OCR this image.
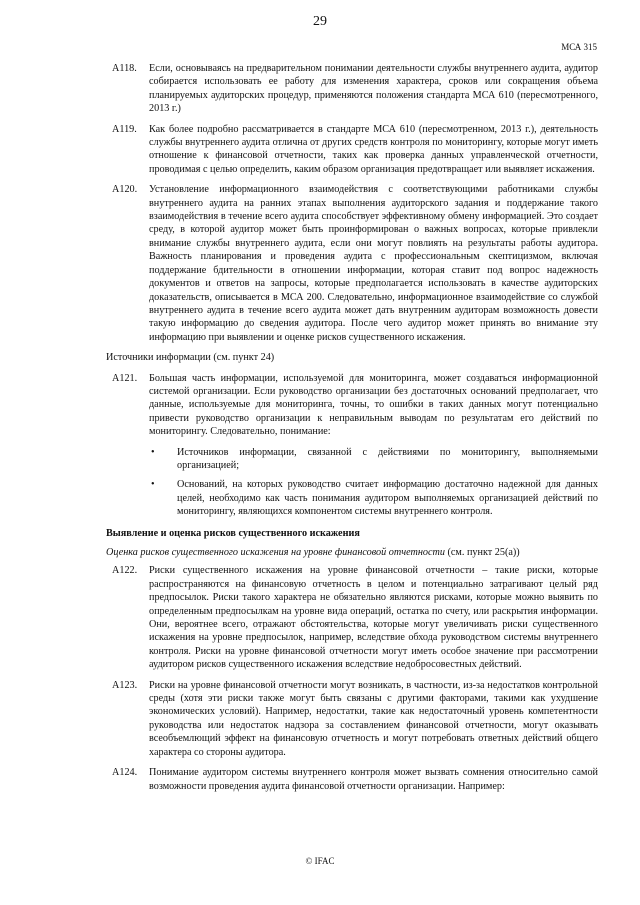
29
МСА 315
A118. Если, основываясь на предварительном понимании деятельности службы внутреннего аудита, аудитор собирается использовать ее работу для изменения характера, сроков или сокращения объема планируемых аудиторских процедур, применяются положения стандарта МСА 610 (пересмотренного, 2013 г.)
A119. Как более подробно рассматривается в стандарте МСА 610 (пересмотренном, 2013 г.), деятельность службы внутреннего аудита отлична от других средств контроля по мониторингу, которые могут иметь отношение к финансовой отчетности, таких как проверка данных управленческой отчетности, проводимая с целью определить, каким образом организация предотвращает или выявляет искажения.
A120. Установление информационного взаимодействия с соответствующими работниками службы внутреннего аудита на ранних этапах выполнения аудиторского задания и поддержание такого взаимодействия в течение всего аудита способствует эффективному обмену информацией. Это создает среду, в которой аудитор может быть проинформирован о важных вопросах, которые привлекли внимание службы внутреннего аудита, если они могут повлиять на результаты работы аудитора. Важность планирования и проведения аудита с профессиональным скептицизмом, включая поддержание бдительности в отношении информации, которая ставит под вопрос надежность документов и ответов на запросы, которые предполагается использовать в качестве аудиторских доказательств, описывается в МСА 200. Следовательно, информационное взаимодействие со службой внутреннего аудита в течение всего аудита может дать внутренним аудиторам возможность довести такую информацию до сведения аудитора. После чего аудитор может принять во внимание эту информацию при выявлении и оценке рисков существенного искажения.
Источники информации (см. пункт 24)
A121. Большая часть информации, используемой для мониторинга, может создаваться информационной системой организации. Если руководство организации без достаточных оснований предполагает, что данные, используемые для мониторинга, точны, то ошибки в таких данных могут потенциально привести руководство организации к неправильным выводам по результатам его действий по мониторингу. Следовательно, понимание:
• Источников информации, связанной с действиями по мониторингу, выполняемыми организацией;
• Оснований, на которых руководство считает информацию достаточно надежной для данных целей, необходимо как часть понимания аудитором выполняемых организацией действий по мониторингу, являющихся компонентом системы внутреннего контроля.
Выявление и оценка рисков существенного искажения
Оценка рисков существенного искажения на уровне финансовой отчетности (см. пункт 25(a))
A122. Риски существенного искажения на уровне финансовой отчетности – такие риски, которые распространяются на финансовую отчетность в целом и потенциально затрагивают целый ряд предпосылок. Риски такого характера не обязательно являются рисками, которые можно выявить по определенным предпосылкам на уровне вида операций, остатка по счету, или раскрытия информации. Они, вероятнее всего, отражают обстоятельства, которые могут увеличивать риски существенного искажения на уровне предпосылок, например, вследствие обхода руководством системы внутреннего контроля. Риски на уровне финансовой отчетности могут иметь особое значение при рассмотрении аудитором рисков существенного искажения вследствие недобросовестных действий.
A123. Риски на уровне финансовой отчетности могут возникать, в частности, из-за недостатков контрольной среды (хотя эти риски также могут быть связаны с другими факторами, такими как ухудшение экономических условий). Например, недостатки, такие как недостаточный уровень компетентности руководства или недостаток надзора за составлением финансовой отчетности, могут оказывать всеобъемлющий эффект на финансовую отчетность и могут потребовать ответных действий общего характера со стороны аудитора.
A124. Понимание аудитором системы внутреннего контроля может вызвать сомнения относительно самой возможности проведения аудита финансовой отчетности организации. Например:
© IFAC
